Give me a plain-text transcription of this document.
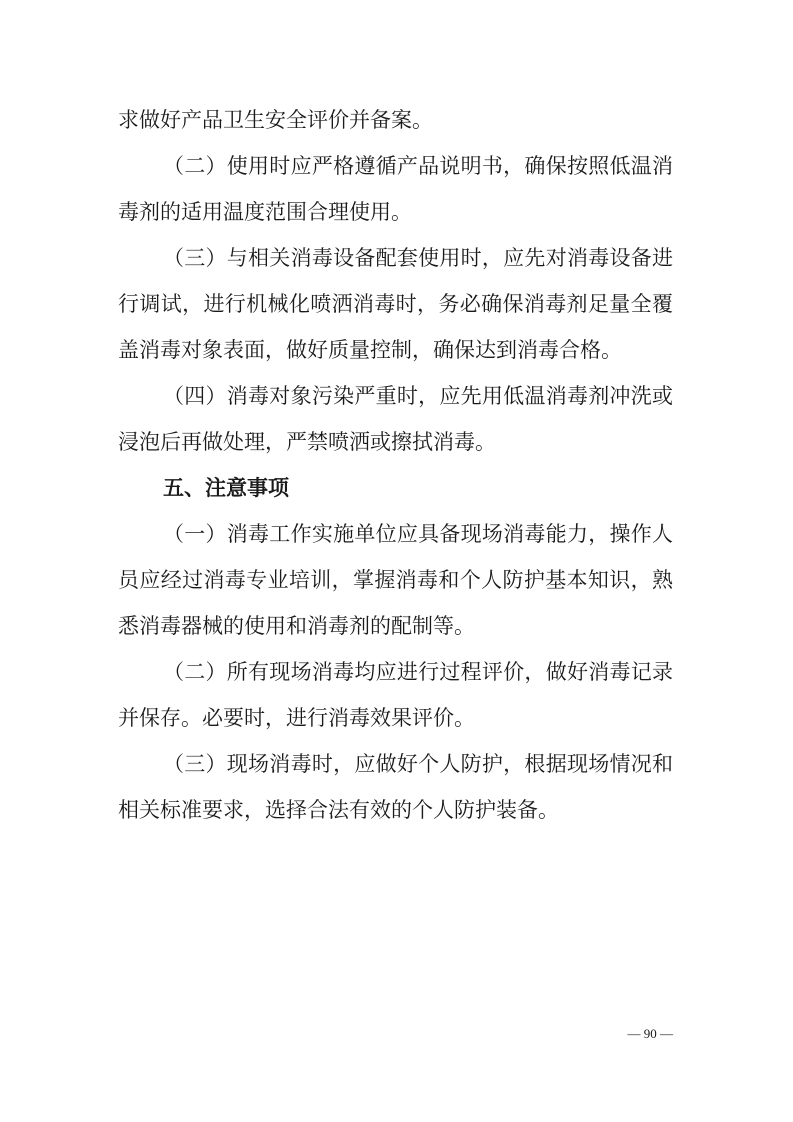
求做好产品卫生安全评价并备案。
（二）使用时应严格遵循产品说明书，确保按照低温消
毒剂的适用温度范围合理使用。
（三）与相关消毒设备配套使用时，应先对消毒设备进
行调试，进行机械化喷洒消毒时，务必确保消毒剂足量全覆
盖消毒对象表面，做好质量控制，确保达到消毒合格。
（四）消毒对象污染严重时，应先用低温消毒剂冲洗或
浸泡后再做处理，严禁喷洒或擦拭消毒。
五、注意事项
（一）消毒工作实施单位应具备现场消毒能力，操作人
员应经过消毒专业培训，掌握消毒和个人防护基本知识，熟
悉消毒器械的使用和消毒剂的配制等。
（二）所有现场消毒均应进行过程评价，做好消毒记录
并保存。必要时，进行消毒效果评价。
（三）现场消毒时，应做好个人防护，根据现场情况和
相关标准要求，选择合法有效的个人防护装备。
— 90 —
